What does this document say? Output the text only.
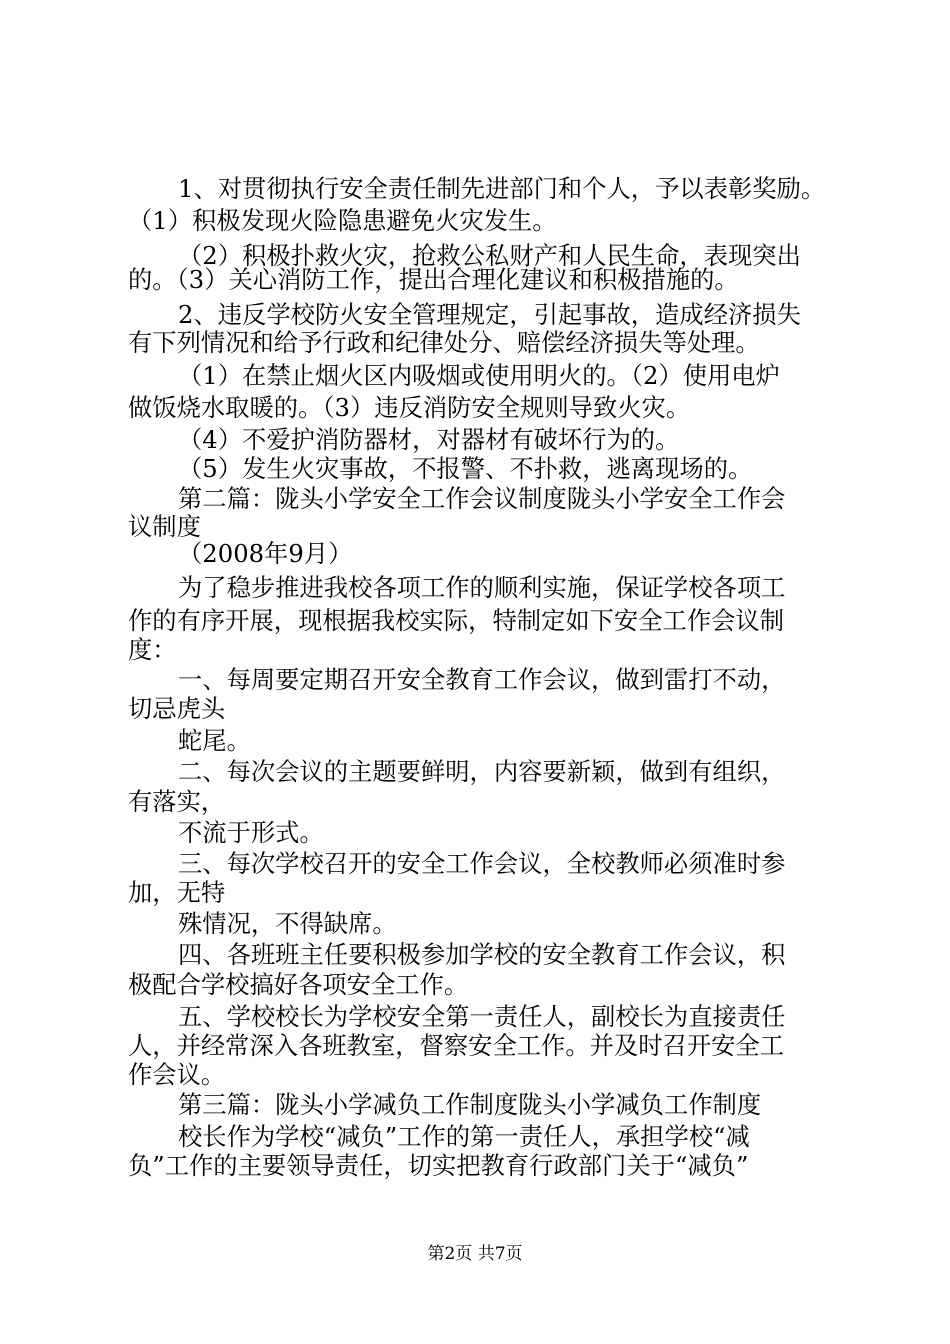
1、对贯彻执行安全责任制先进部门和个人，予以表彰奖励。
（1）积极发现火险隐患避免火灾发生。
（2）积极扑救火灾，抢救公私财产和人民生命，表现突出
的。（3）关心消防工作，提出合理化建议和积极措施的。
2、违反学校防火安全管理规定，引起事故，造成经济损失
有下列情况和给予行政和纪律处分、赔偿经济损失等处理。
（1）在禁止烟火区内吸烟或使用明火的。（2）使用电炉
做饭烧水取暖的。（3）违反消防安全规则导致火灾。
（4）不爱护消防器材，对器材有破坏行为的。
（5）发生火灾事故，不报警、不扑救，逃离现场的。
第二篇：陇头小学安全工作会议制度陇头小学安全工作会
议制度
（2008年9月）
为了稳步推进我校各项工作的顺利实施，保证学校各项工
作的有序开展，现根据我校实际，特制定如下安全工作会议制
度：
一、每周要定期召开安全教育工作会议，做到雷打不动，
切忌虎头
蛇尾。
二、每次会议的主题要鲜明，内容要新颖，做到有组织，
有落实，
不流于形式。
三、每次学校召开的安全工作会议，全校教师必须准时参
加，无特
殊情况，不得缺席。
四、各班班主任要积极参加学校的安全教育工作会议，积
极配合学校搞好各项安全工作。
五、学校校长为学校安全第一责任人，副校长为直接责任
人，并经常深入各班教室，督察安全工作。并及时召开安全工
作会议。
第三篇：陇头小学减负工作制度陇头小学减负工作制度
校长作为学校“减负”工作的第一责任人，承担学校“减
负”工作的主要领导责任，切实把教育行政部门关于“减负”
第2页 共7页
